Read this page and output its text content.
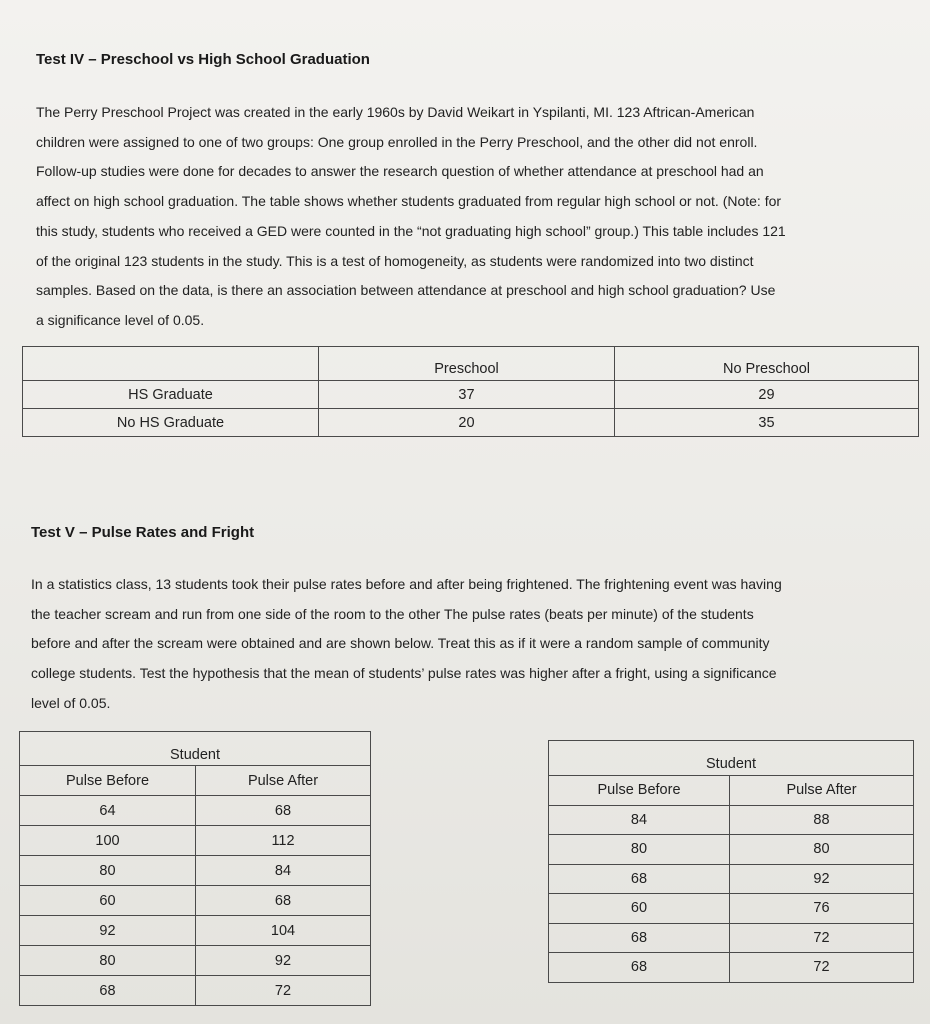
Test IV – Preschool vs High School Graduation
The Perry Preschool Project was created in the early 1960s by David Weikart in Yspilanti, MI. 123 Aftrican-American
children were assigned to one of two groups: One group enrolled in the Perry Preschool, and the other did not enroll.
Follow-up studies were done for decades to answer the research question of whether attendance at preschool had an
affect on high school graduation. The table shows whether students graduated from regular high school or not. (Note: for
this study, students who received a GED were counted in the “not graduating high school” group.) This table includes 121
of the original 123 students in the study. This is a test of homogeneity, as students were randomized into two distinct
samples. Based on the data, is there an association between attendance at preschool and high school graduation? Use
a significance level of 0.05.
	Preschool	No Preschool
HS Graduate	37	29
No HS Graduate	20	35
Test V – Pulse Rates and Fright
In a statistics class, 13 students took their pulse rates before and after being frightened. The frightening event was having
the teacher scream and run from one side of the room to the other The pulse rates (beats per minute) of the students
before and after the scream were obtained and are shown below. Treat this as if it were a random sample of community
college students. Test the hypothesis that the mean of students’ pulse rates was higher after a fright, using a significance
level of 0.05.
Student	
Pulse Before	Pulse After
64	68
100	112
80	84
60	68
92	104
80	92
68	72
Student	
Pulse Before	Pulse After
84	88
80	80
68	92
60	76
68	72
68	72
